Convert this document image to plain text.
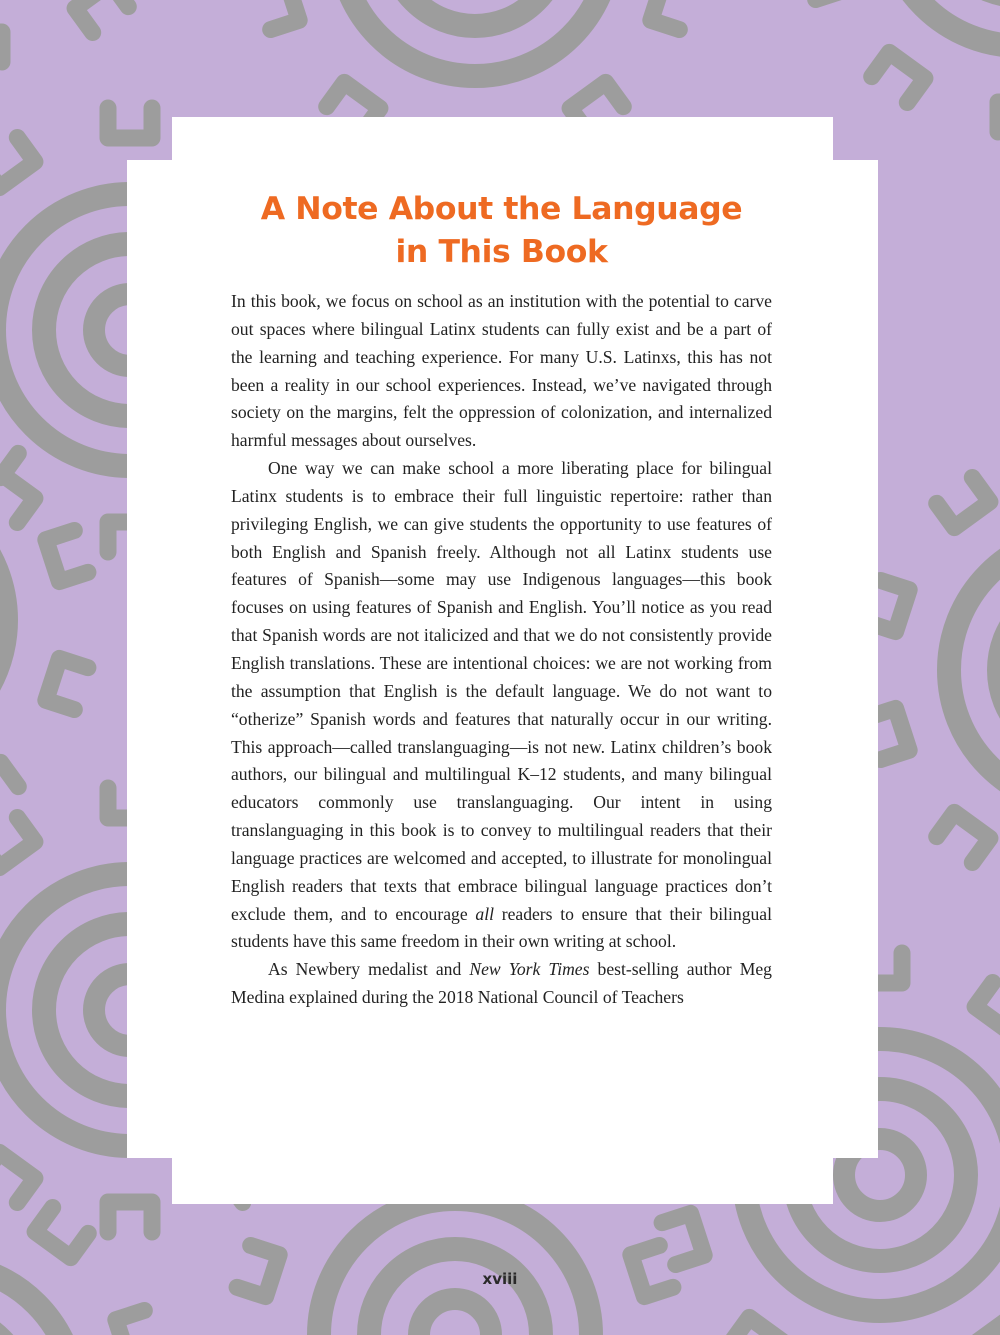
A Note About the Language
in This Book

In this book, we focus on school as an institution with the potential to carve out spaces where bilingual Latinx students can fully exist and be a part of the learning and teaching experience. For many U.S. Latinxs, this has not been a reality in our school experiences. Instead, we’ve navigated through society on the margins, felt the oppression of colonization, and internalized harmful messages about ourselves.

One way we can make school a more liberating place for bilingual Latinx students is to embrace their full linguistic repertoire: rather than privileging English, we can give students the opportunity to use features of both English and Spanish freely. Although not all Latinx students use features of Spanish—some may use Indigenous languages—this book focuses on using features of Spanish and English. You’ll notice as you read that Spanish words are not italicized and that we do not consistently provide English translations. These are intentional choices: we are not working from the assumption that English is the default language. We do not want to “otherize” Spanish words and features that naturally occur in our writing. This approach—called translanguaging—is not new. Latinx children’s book authors, our bilingual and multilingual K–12 students, and many bilingual educators commonly use translanguaging. Our intent in using translanguaging in this book is to convey to multilingual readers that their language practices are welcomed and accepted, to illustrate for monolingual English readers that texts that embrace bilingual language practices don’t exclude them, and to encourage all readers to ensure that their bilingual students have this same freedom in their own writing at school.

As Newbery medalist and New York Times best-selling author Meg Medina explained during the 2018 National Council of Teachers

xviii
